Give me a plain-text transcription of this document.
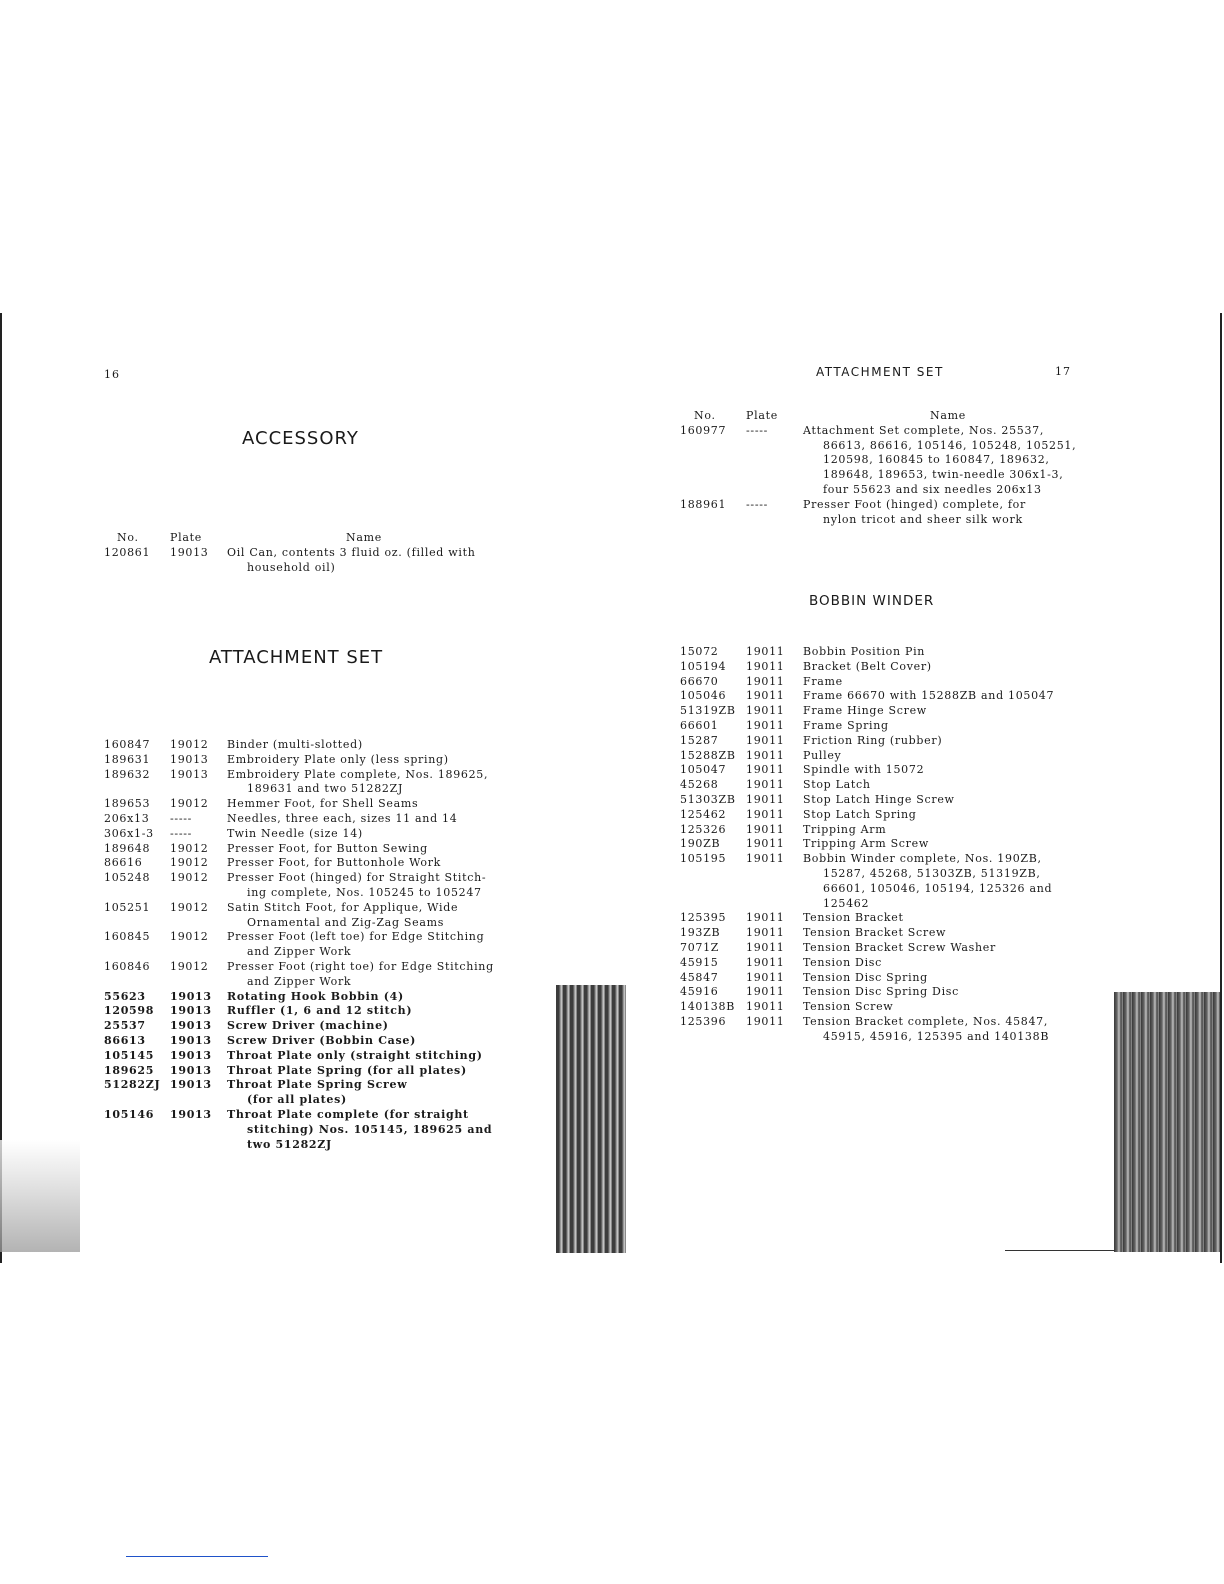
16
ACCESSORY
No.	Plate	Name
120861 19013 Oil Can, contents 3 fluid oz. (filled with
household oil)
ATTACHMENT SET
160847 19012 Binder (multi-slotted)
189631 19013 Embroidery Plate only (less spring)
189632 19013 Embroidery Plate complete, Nos. 189625,
189631 and two 51282ZJ
189653 19012 Hemmer Foot, for Shell Seams
206x13 -----	Needles, three each, sizes 11 and 14
306x1-3 -----	Twin Needle (size 14)
189648 19012 Presser Foot, for Button Sewing
86616	19012 Presser Foot, for Buttonhole Work
105248 19012 Presser Foot (hinged) for Straight Stitch-
ing complete, Nos. 105245 to 105247
105251 19012 Satin Stitch Foot, for Applique, Wide
Ornamental and Zig-Zag Seams
160845 19012 Presser Foot (left toe) for Edge Stitching
and Zipper Work
160846 19012 Presser Foot (right toe) for Edge Stitching
and Zipper Work
55623 19013 Rotating Hook Bobbin (4)
120598 19013 Ruffler (1, 6 and 12 stitch)
25537 19013 Screw Driver (machine)
86613 19013 Screw Driver (Bobbin Case)
105145 19013 Throat Plate only (straight stitching)
189625 19013 Throat Plate Spring (for all plates)
51282ZJ 19013 Throat Plate Spring Screw
(for all plates)
105146 19013 Throat Plate complete (for straight
stitching) Nos. 105145, 189625 and
two 51282ZJ
ATTACHMENT SET	17
No.	Plate	Name
160977 -----	Attachment Set complete, Nos. 25537,
86613, 86616, 105146, 105248, 105251,
120598, 160845 to 160847, 189632,
189648, 189653, twin-needle 306x1-3,
four 55623 and six needles 206x13
188961 -----	Presser Foot (hinged) complete, for
nylon tricot and sheer silk work
BOBBIN WINDER
15072	19011 Bobbin Position Pin
105194 19011 Bracket (Belt Cover)
66670	19011 Frame
105046 19011 Frame 66670 with 15288ZB and 105047
51319ZB 19011 Frame Hinge Screw
66601	19011 Frame Spring
15287	19011 Friction Ring (rubber)
15288ZB 19011 Pulley
105047 19011 Spindle with 15072
45268	19011 Stop Latch
51303ZB 19011 Stop Latch Hinge Screw
125462 19011 Stop Latch Spring
125326 19011 Tripping Arm
190ZB 19011 Tripping Arm Screw
105195 19011 Bobbin Winder complete, Nos. 190ZB,
15287, 45268, 51303ZB, 51319ZB,
66601, 105046, 105194, 125326 and
125462
125395 19011 Tension Bracket
193ZB 19011 Tension Bracket Screw
7071Z 19011 Tension Bracket Screw Washer
45915	19011 Tension Disc
45847	19011 Tension Disc Spring
45916	19011 Tension Disc Spring Disc
140138B 19011 Tension Screw
125396 19011 Tension Bracket complete, Nos. 45847,
45915, 45916, 125395 and 140138B
